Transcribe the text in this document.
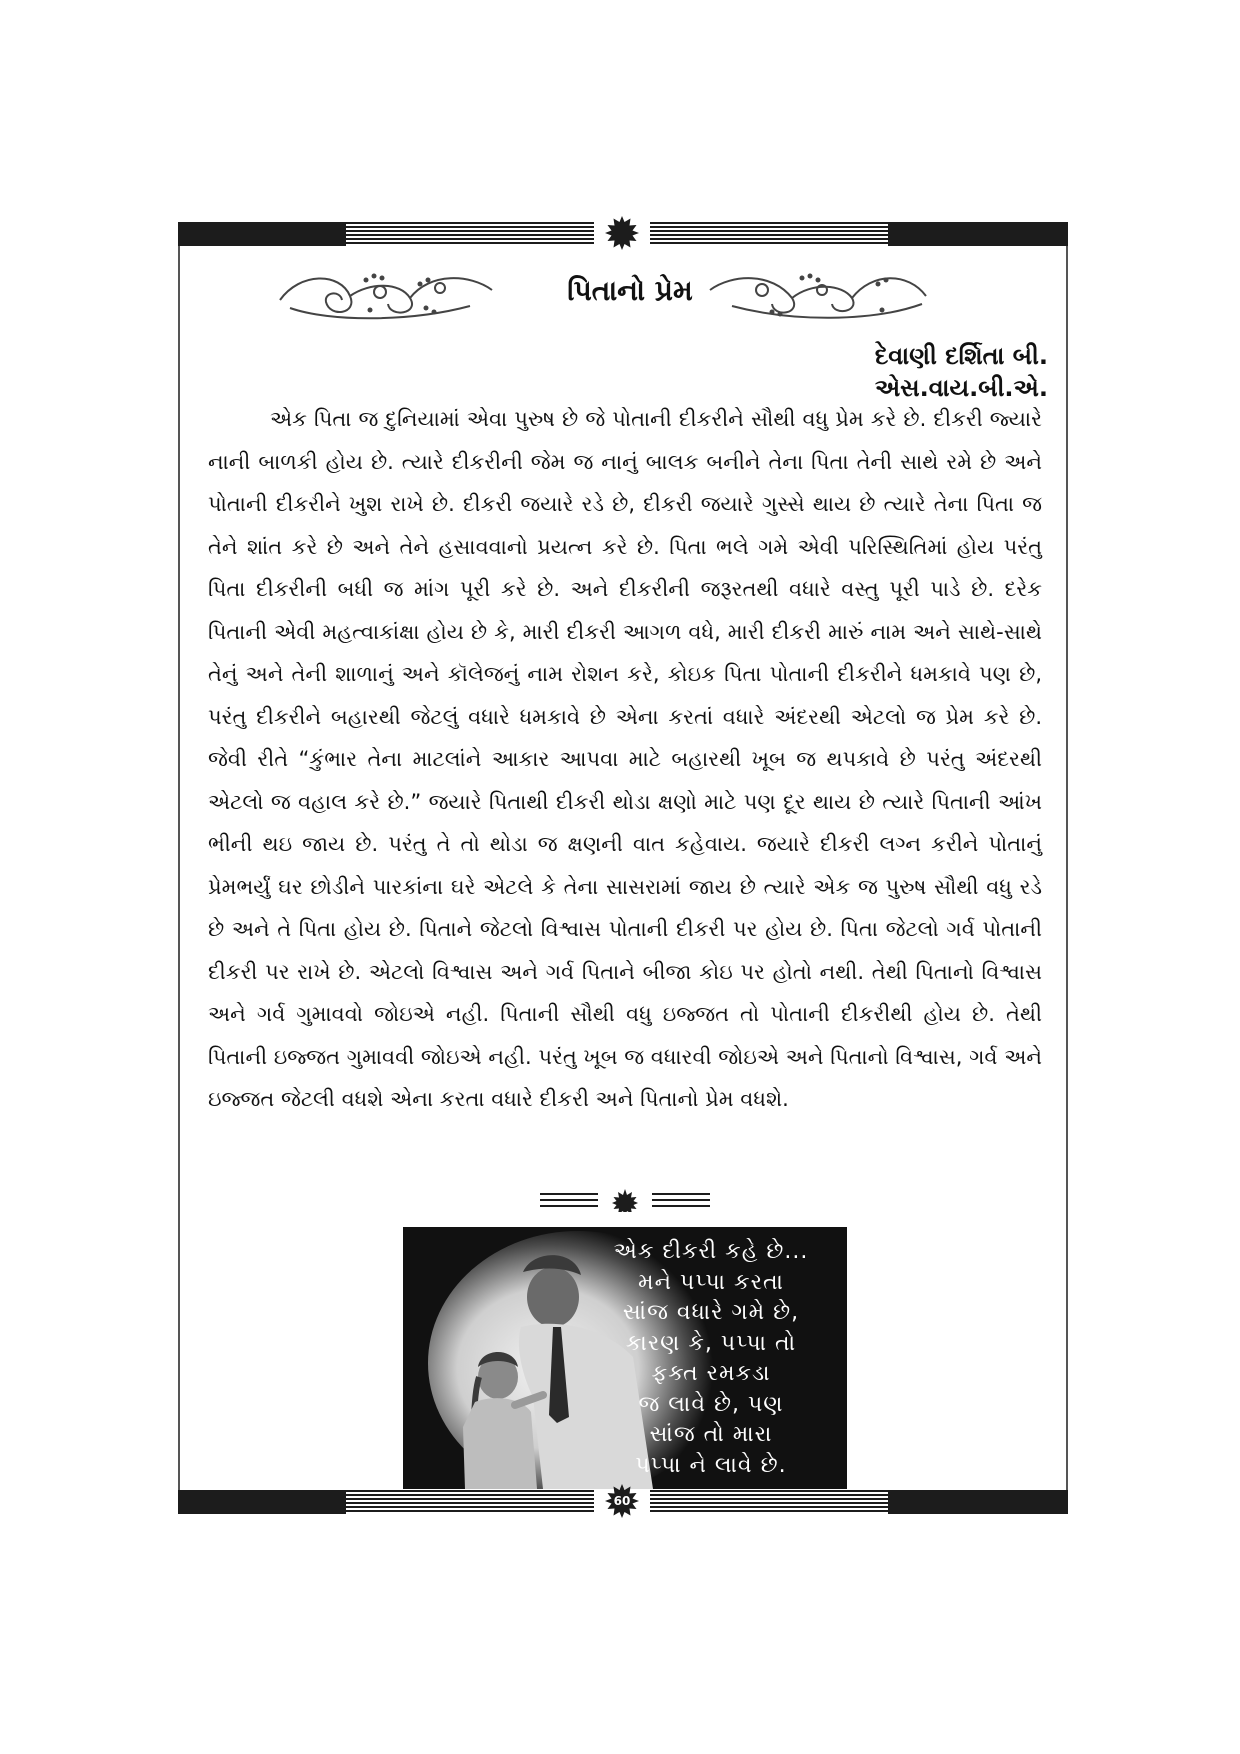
પિતાનો પ્રેમ
દેવાણી દર્શિતા બી.
એસ.વાય.બી.એ.

એક પિતા જ દુનિયામાં એવા પુરુષ છે જે પોતાની દીકરીને સૌથી વધુ પ્રેમ કરે છે. દીકરી જ્યારે નાની બાળકી હોય છે. ત્યારે દીકરીની જેમ જ નાનું બાલક બનીને તેના પિતા તેની સાથે રમે છે અને પોતાની દીકરીને ખુશ રાખે છે. દીકરી જયારે રડે છે, દીકરી જયારે ગુસ્સે થાય છે ત્યારે તેના પિતા જ તેને શાંત કરે છે અને તેને હસાવવાનો પ્રયત્ન કરે છે. પિતા ભલે ગમે એવી પરિસ્થિતિમાં હોય પરંતુ પિતા દીકરીની બધી જ માંગ પૂરી કરે છે. અને દીકરીની જરૂરતથી વધારે વસ્તુ પૂરી પાડે છે. દરેક પિતાની એવી મહત્વાકાંક્ષા હોય છે કે, મારી દીકરી આગળ વધે, મારી દીકરી મારું નામ અને સાથે-સાથે તેનું અને તેની શાળાનું અને કૉલેજનું નામ રોશન કરે, કોઇક પિતા પોતાની દીકરીને ધમકાવે પણ છે, પરંતુ દીકરીને બહારથી જેટલું વધારે ધમકાવે છે એના કરતાં વધારે અંદરથી એટલો જ પ્રેમ કરે છે. જેવી રીતે “કુંભાર તેના માટલાંને આકાર આપવા માટે બહારથી ખૂબ જ થપકાવે છે પરંતુ અંદરથી એટલો જ વહાલ કરે છે.” જયારે પિતાથી દીકરી થોડા ક્ષણો માટે પણ દૂર થાય છે ત્યારે પિતાની આંખ ભીની થઇ જાય છે. પરંતુ તે તો થોડા જ ક્ષણની વાત કહેવાય. જયારે દીકરી લગ્ન કરીને પોતાનું પ્રેમભર્યું ઘર છોડીને પારકાંના ઘરે એટલે કે તેના સાસરામાં જાય છે ત્યારે એક જ પુરુષ સૌથી વધુ રડે છે અને તે પિતા હોય છે. પિતાને જેટલો વિશ્વાસ પોતાની દીકરી પર હોય છે. પિતા જેટલો ગર્વ પોતાની દીકરી પર રાખે છે. એટલો વિશ્વાસ અને ગર્વ પિતાને બીજા કોઇ પર હોતો નથી. તેથી પિતાનો વિશ્વાસ અને ગર્વ ગુમાવવો જોઇએ નહી. પિતાની સૌથી વધુ ઇજ્જત તો પોતાની દીકરીથી હોય છે. તેથી પિતાની ઇજ્જત ગુમાવવી જોઇએ નહી. પરંતુ ખૂબ જ વધારવી જોઇએ અને પિતાનો વિશ્વાસ, ગર્વ અને ઇજ્જત જેટલી વધશે એના કરતા વધારે દીકરી અને પિતાનો પ્રેમ વધશે.

એક દીકરી કહે છે...
મને પપ્પા કરતા
સાંજ વધારે ગમે છે,
કારણ કે, પપ્પા તો
ફક્ત રમકડા
જ લાવે છે, પણ
સાંજ તો મારા
પપ્પા ને લાવે છે.
60
